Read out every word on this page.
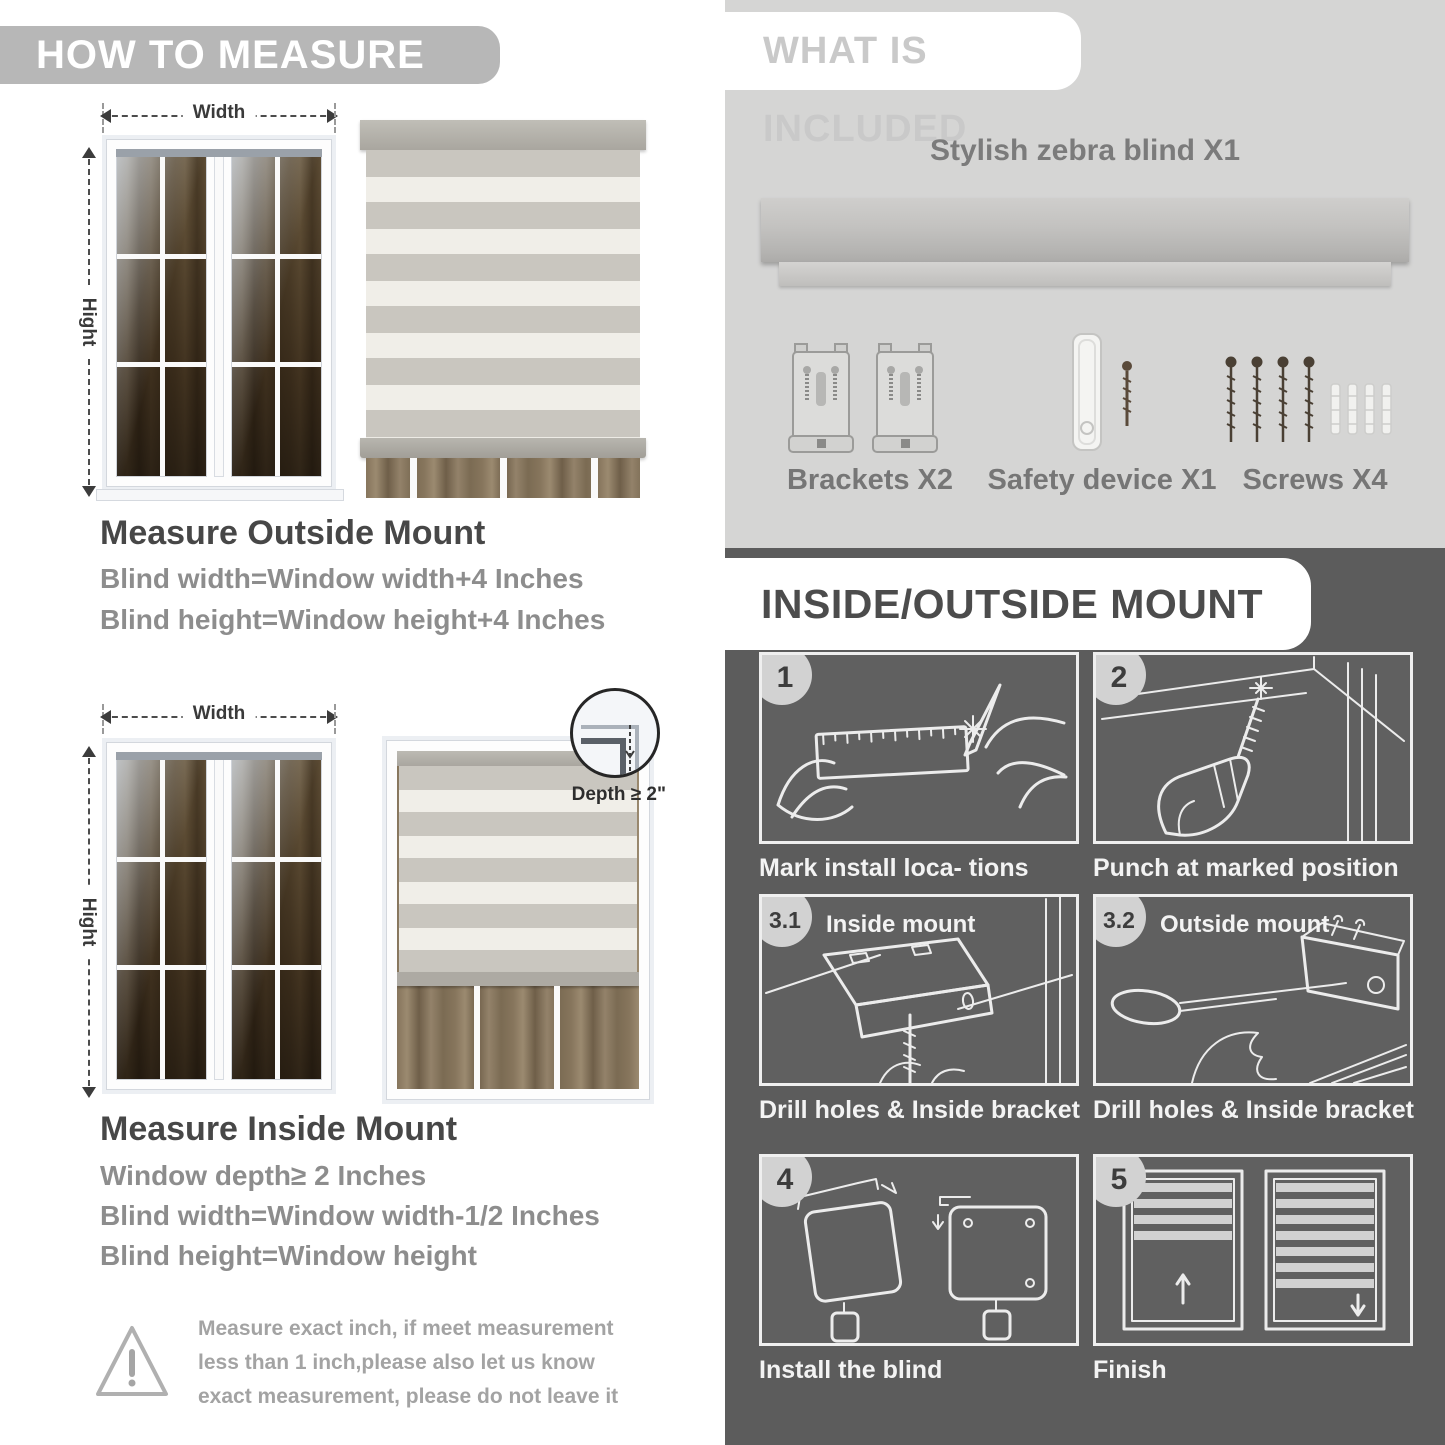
HOW TO MEASURE
Width
Hight
Measure Outside Mount

Blind width=Window width+4 Inches

Blind height=Window height+4 Inches

Width
Hight
Depth ≥ 2"
Measure Inside Mount

Window depth≥ 2 Inches

Blind width=Window width-1/2 Inches

Blind height=Window height

Measure exact inch, if meet measurement less than 1 inch,please also let us know exact measurement, please do not leave it

WHAT IS INCLUDED
Stylish zebra blind X1
Brackets X2	Safety device X1 Screws X4
INSIDE/OUTSIDE MOUNT
1
Mark install loca- tions
2
Punch at marked position
3.1	Inside mount
Drill holes & Inside bracket
3.2	Outside mount
Drill holes & Inside bracket
4
Install the blind
5
Finish
